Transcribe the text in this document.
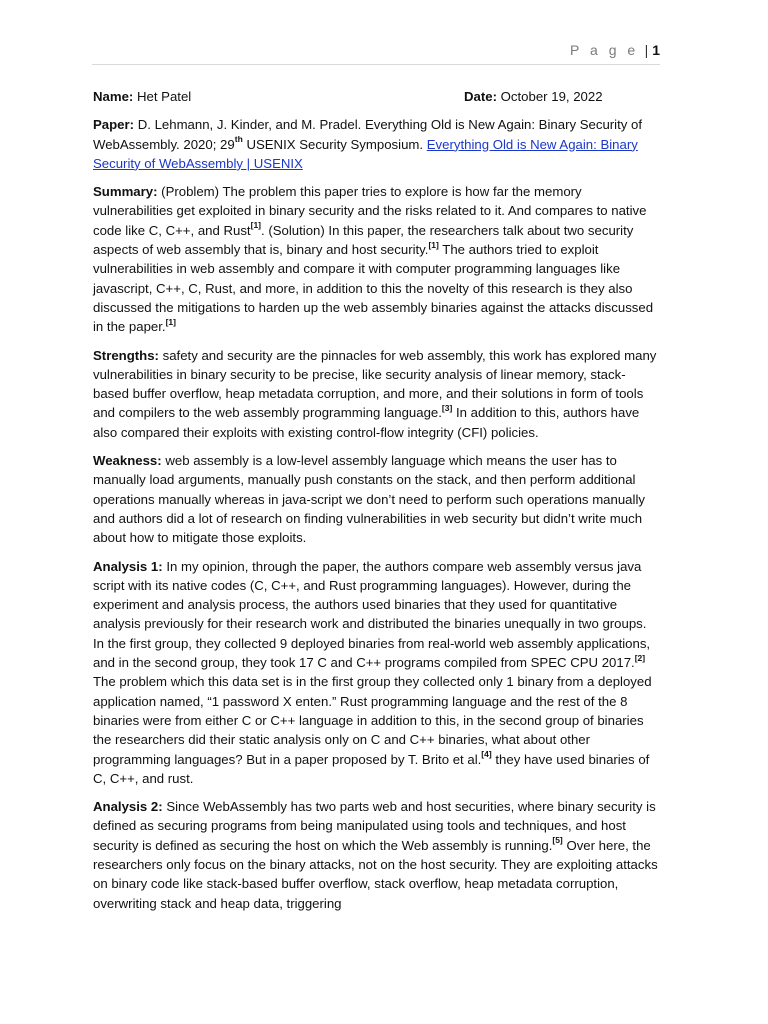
P a g e | 1
Name: Het Patel	Date: October 19, 2022

Paper: D. Lehmann, J. Kinder, and M. Pradel. Everything Old is New Again: Binary Security of WebAssembly. 2020; 29th USENIX Security Symposium. Everything Old is New Again: Binary Security of WebAssembly | USENIX

Summary: (Problem) The problem this paper tries to explore is how far the memory vulnerabilities get exploited in binary security and the risks related to it. And compares to native code like C, C++, and Rust[1]. (Solution) In this paper, the researchers talk about two security aspects of web assembly that is, binary and host security.[1] The authors tried to exploit vulnerabilities in web assembly and compare it with computer programming languages like javascript, C++, C, Rust, and more, in addition to this the novelty of this research is they also discussed the mitigations to harden up the web assembly binaries against the attacks discussed in the paper.[1]

Strengths: safety and security are the pinnacles for web assembly, this work has explored many vulnerabilities in binary security to be precise, like security analysis of linear memory, stack-based buffer overflow, heap metadata corruption, and more, and their solutions in form of tools and compilers to the web assembly programming language.[3] In addition to this, authors have also compared their exploits with existing control-flow integrity (CFI) policies.

Weakness: web assembly is a low-level assembly language which means the user has to manually load arguments, manually push constants on the stack, and then perform additional operations manually whereas in java-script we don’t need to perform such operations manually and authors did a lot of research on finding vulnerabilities in web security but didn’t write much about how to mitigate those exploits.

Analysis 1: In my opinion, through the paper, the authors compare web assembly versus java script with its native codes (C, C++, and Rust programming languages). However, during the experiment and analysis process, the authors used binaries that they used for quantitative analysis previously for their research work and distributed the binaries unequally in two groups. In the first group, they collected 9 deployed binaries from real-world web assembly applications, and in the second group, they took 17 C and C++ programs compiled from SPEC CPU 2017.[2] The problem which this data set is in the first group they collected only 1 binary from a deployed application named, “1 password X enten.” Rust programming language and the rest of the 8 binaries were from either C or C++ language in addition to this, in the second group of binaries the researchers did their static analysis only on C and C++ binaries, what about other programming languages? But in a paper proposed by T. Brito et al.[4] they have used binaries of C, C++, and rust.

Analysis 2: Since WebAssembly has two parts web and host securities, where binary security is defined as securing programs from being manipulated using tools and techniques, and host security is defined as securing the host on which the Web assembly is running.[5] Over here, the researchers only focus on the binary attacks, not on the host security. They are exploiting attacks on binary code like stack-based buffer overflow, stack overflow, heap metadata corruption, overwriting stack and heap data, triggering
